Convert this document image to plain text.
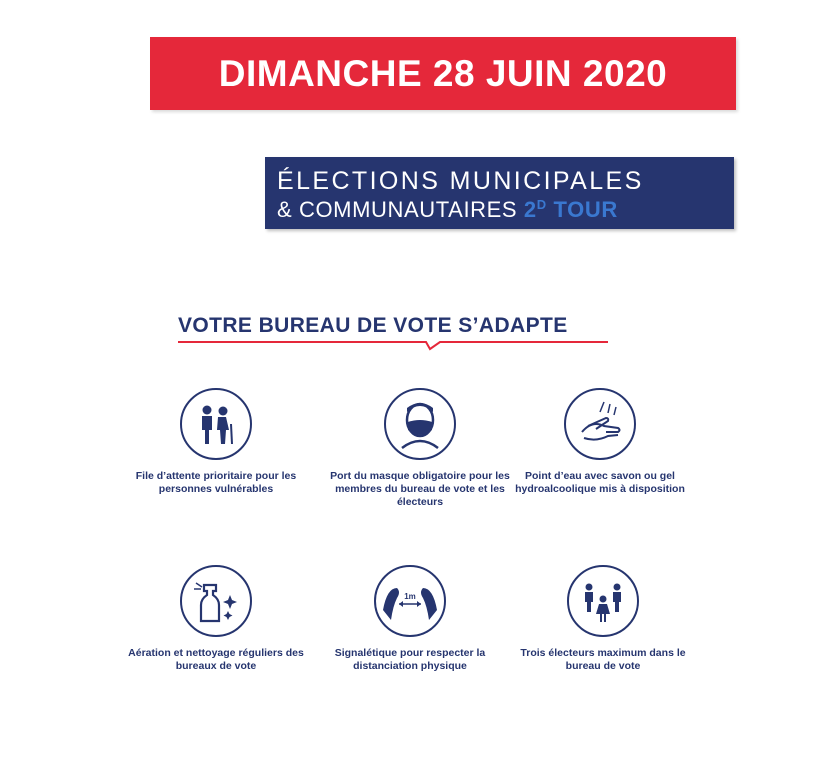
DIMANCHE 28 JUIN 2020
ÉLECTIONS MUNICIPALES
& COMMUNAUTAIRES $2^D$ TOUR
VOTRE BUREAU DE VOTE S’ADAPTE
File d’attente prioritaire pour les personnes vulnérables
Port du masque obligatoire pour les membres du bureau de vote et les électeurs
Point d’eau avec savon ou gel hydroalcoolique mis à disposition
Aération et nettoyage réguliers des bureaux de vote
1m
Signalétique pour respecter la distanciation physique
Trois électeurs maximum dans le bureau de vote
